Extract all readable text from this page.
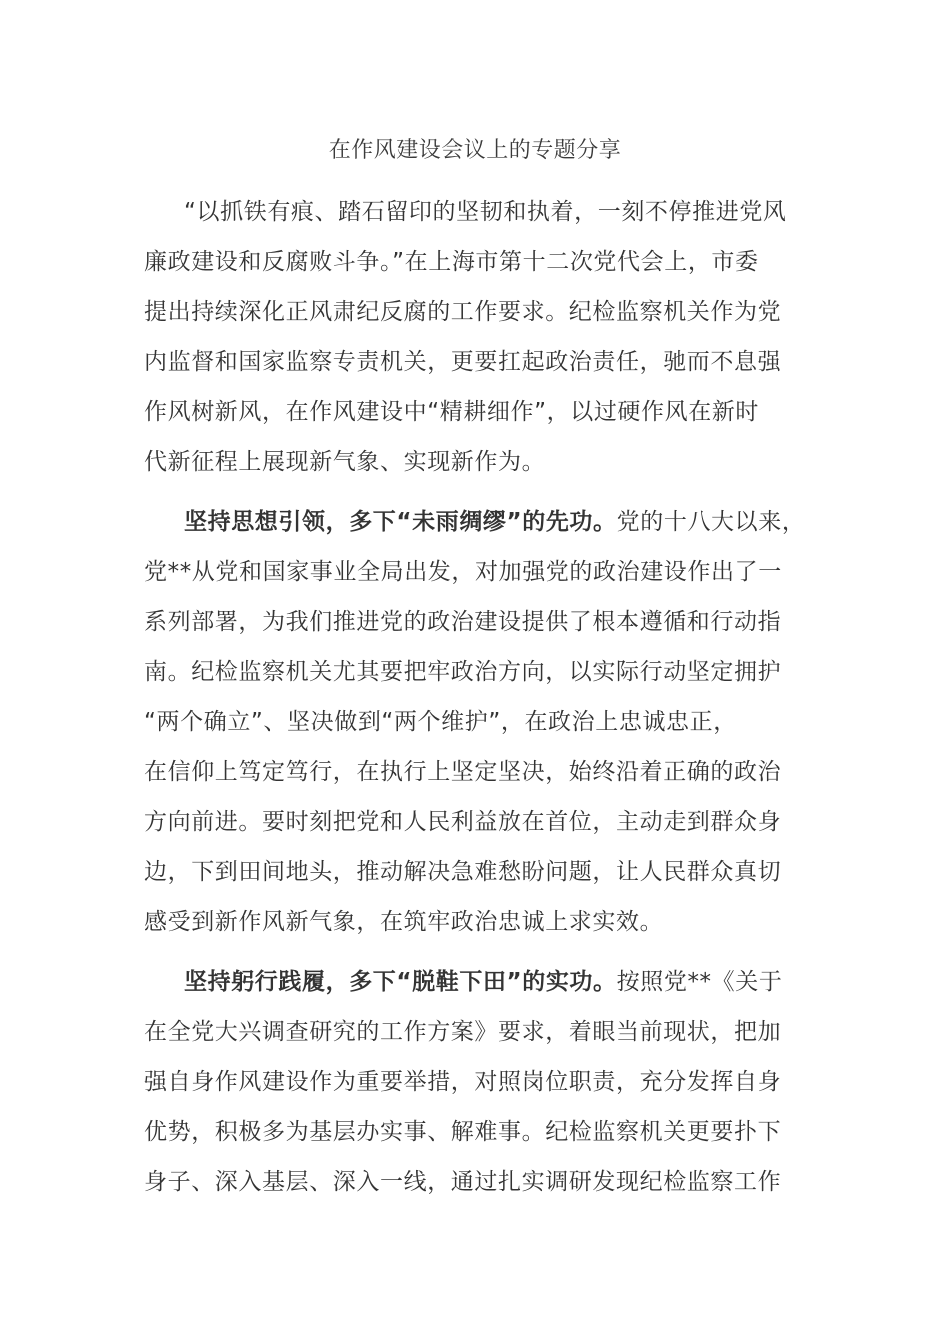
在作风建设会议上的专题分享
“以抓铁有痕、踏石留印的坚韧和执着，一刻不停推进党风
廉政建设和反腐败斗争。”在上海市第十二次党代会上，市委
提出持续深化正风肃纪反腐的工作要求。纪检监察机关作为党
内监督和国家监察专责机关，更要扛起政治责任，驰而不息强
作风树新风，在作风建设中“精耕细作”，以过硬作风在新时
代新征程上展现新气象、实现新作为。
坚持思想引领，多下“未雨绸缪”的先功。党的十八大以来，
党**从党和国家事业全局出发，对加强党的政治建设作出了一
系列部署，为我们推进党的政治建设提供了根本遵循和行动指
南。纪检监察机关尤其要把牢政治方向，以实际行动坚定拥护
“两个确立”、坚决做到“两个维护”，在政治上忠诚忠正，
在信仰上笃定笃行，在执行上坚定坚决，始终沿着正确的政治
方向前进。要时刻把党和人民利益放在首位，主动走到群众身
边，下到田间地头，推动解决急难愁盼问题，让人民群众真切
感受到新作风新气象，在筑牢政治忠诚上求实效。
坚持躬行践履，多下“脱鞋下田”的实功。按照党**《关于
在全党大兴调查研究的工作方案》要求，着眼当前现状，把加
强自身作风建设作为重要举措，对照岗位职责，充分发挥自身
优势，积极多为基层办实事、解难事。纪检监察机关更要扑下
身子、深入基层、深入一线，通过扎实调研发现纪检监察工作
